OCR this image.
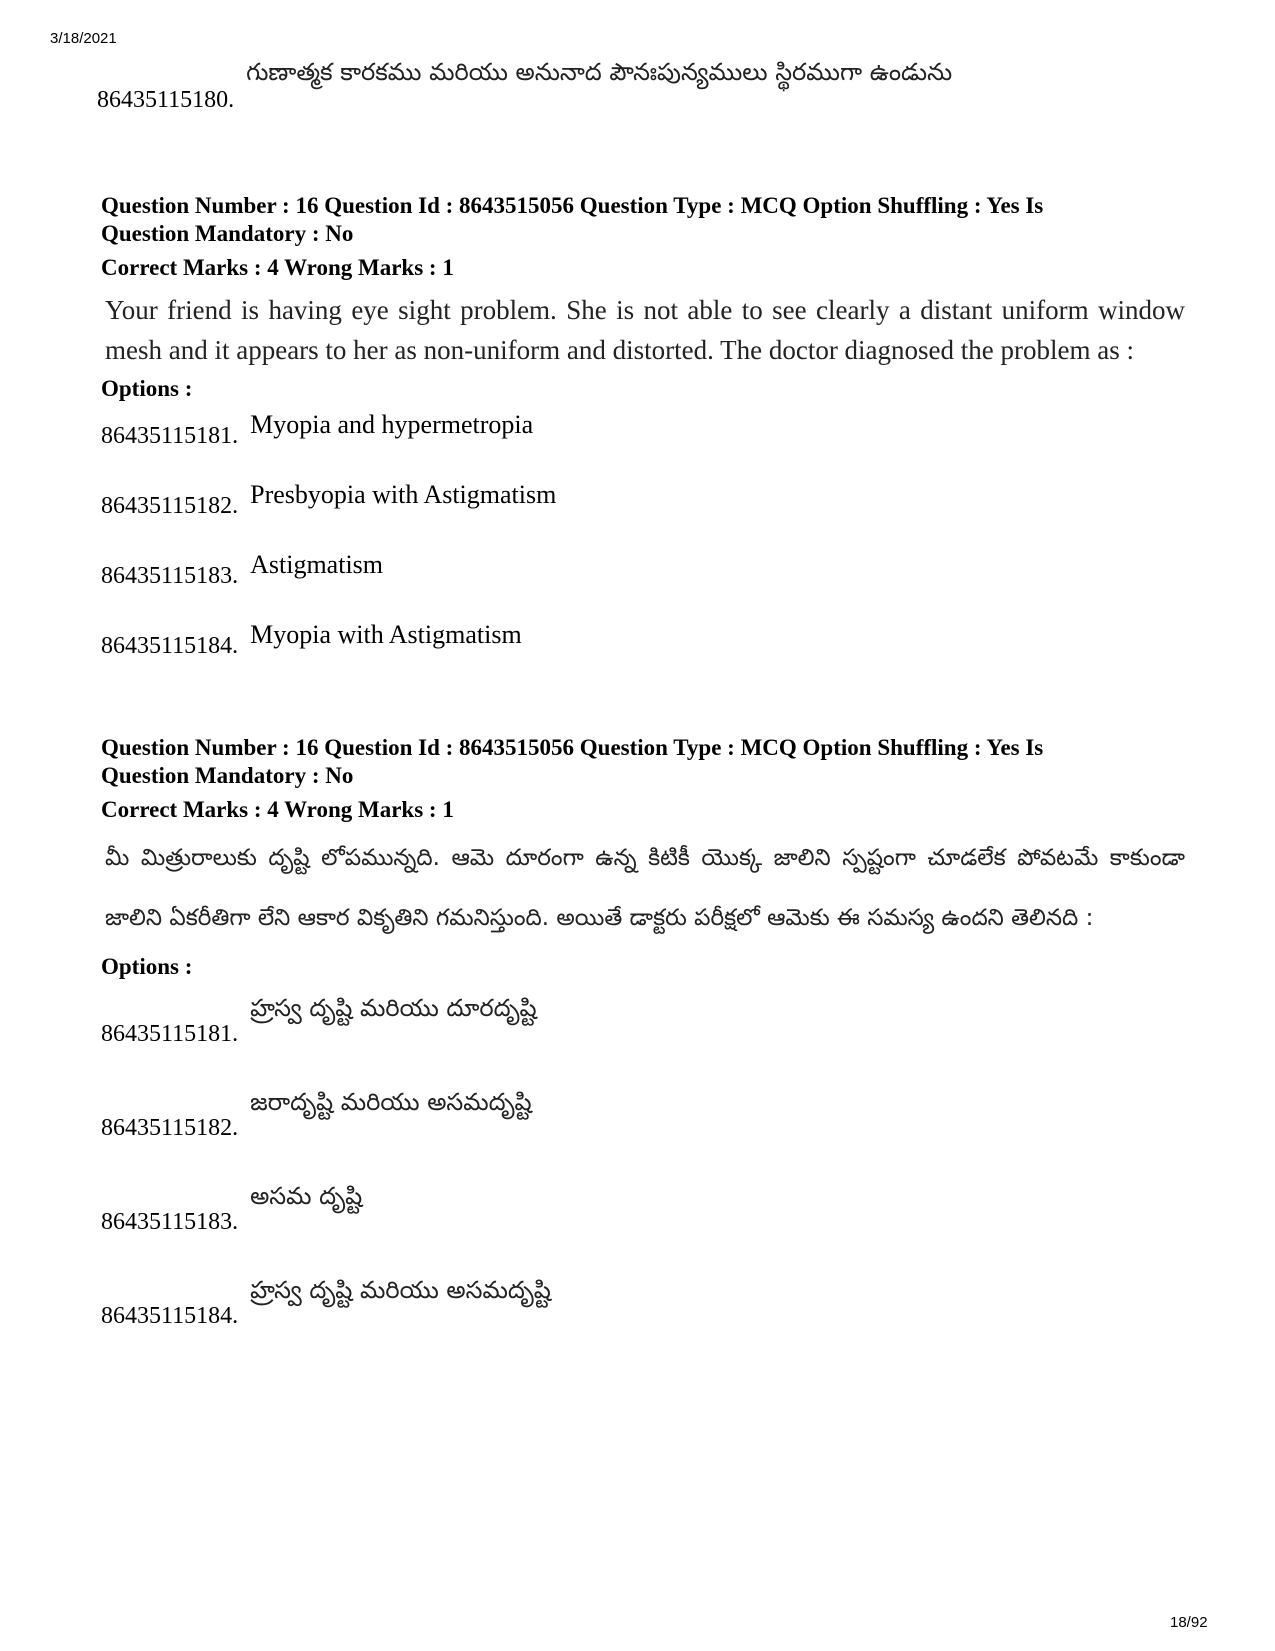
3/18/2021
86435115180.
గుణాత్మక కారకము మరియు అనునాద పౌనఃపున్యములు స్థిరముగా ఉండును
Question Number : 16 Question Id : 8643515056 Question Type : MCQ Option Shuffling : Yes Is
Question Mandatory : No
Correct Marks : 4 Wrong Marks : 1
Your friend is having eye sight problem. She is not able to see clearly a distant uniform window mesh and it appears to her as non-uniform and distorted. The doctor diagnosed the problem as :
Options :
86435115181. Myopia and hypermetropia
86435115182. Presbyopia with Astigmatism
86435115183. Astigmatism
86435115184. Myopia with Astigmatism
Question Number : 16 Question Id : 8643515056 Question Type : MCQ Option Shuffling : Yes Is
Question Mandatory : No
Correct Marks : 4 Wrong Marks : 1
మీ మిత్రురాలుకు దృష్టి లోపమున్నది. ఆమె దూరంగా ఉన్న కిటికీ యొక్క జాలిని స్పష్టంగా చూడలేక పోవటమే కాకుండా జాలిని ఏకరీతిగా లేని ఆకార వికృతిని గమనిస్తుంది. అయితే డాక్టరు పరీక్షలో ఆమెకు ఈ సమస్య ఉందని తెలినది :
Options :
86435115181.
హ్రస్వ దృష్టి మరియు దూరదృష్టి
86435115182.
జరాదృష్టి మరియు అసమదృష్టి
86435115183.
అసమ దృష్టి
86435115184.
హ్రస్వ దృష్టి మరియు అసమదృష్టి
18/92
